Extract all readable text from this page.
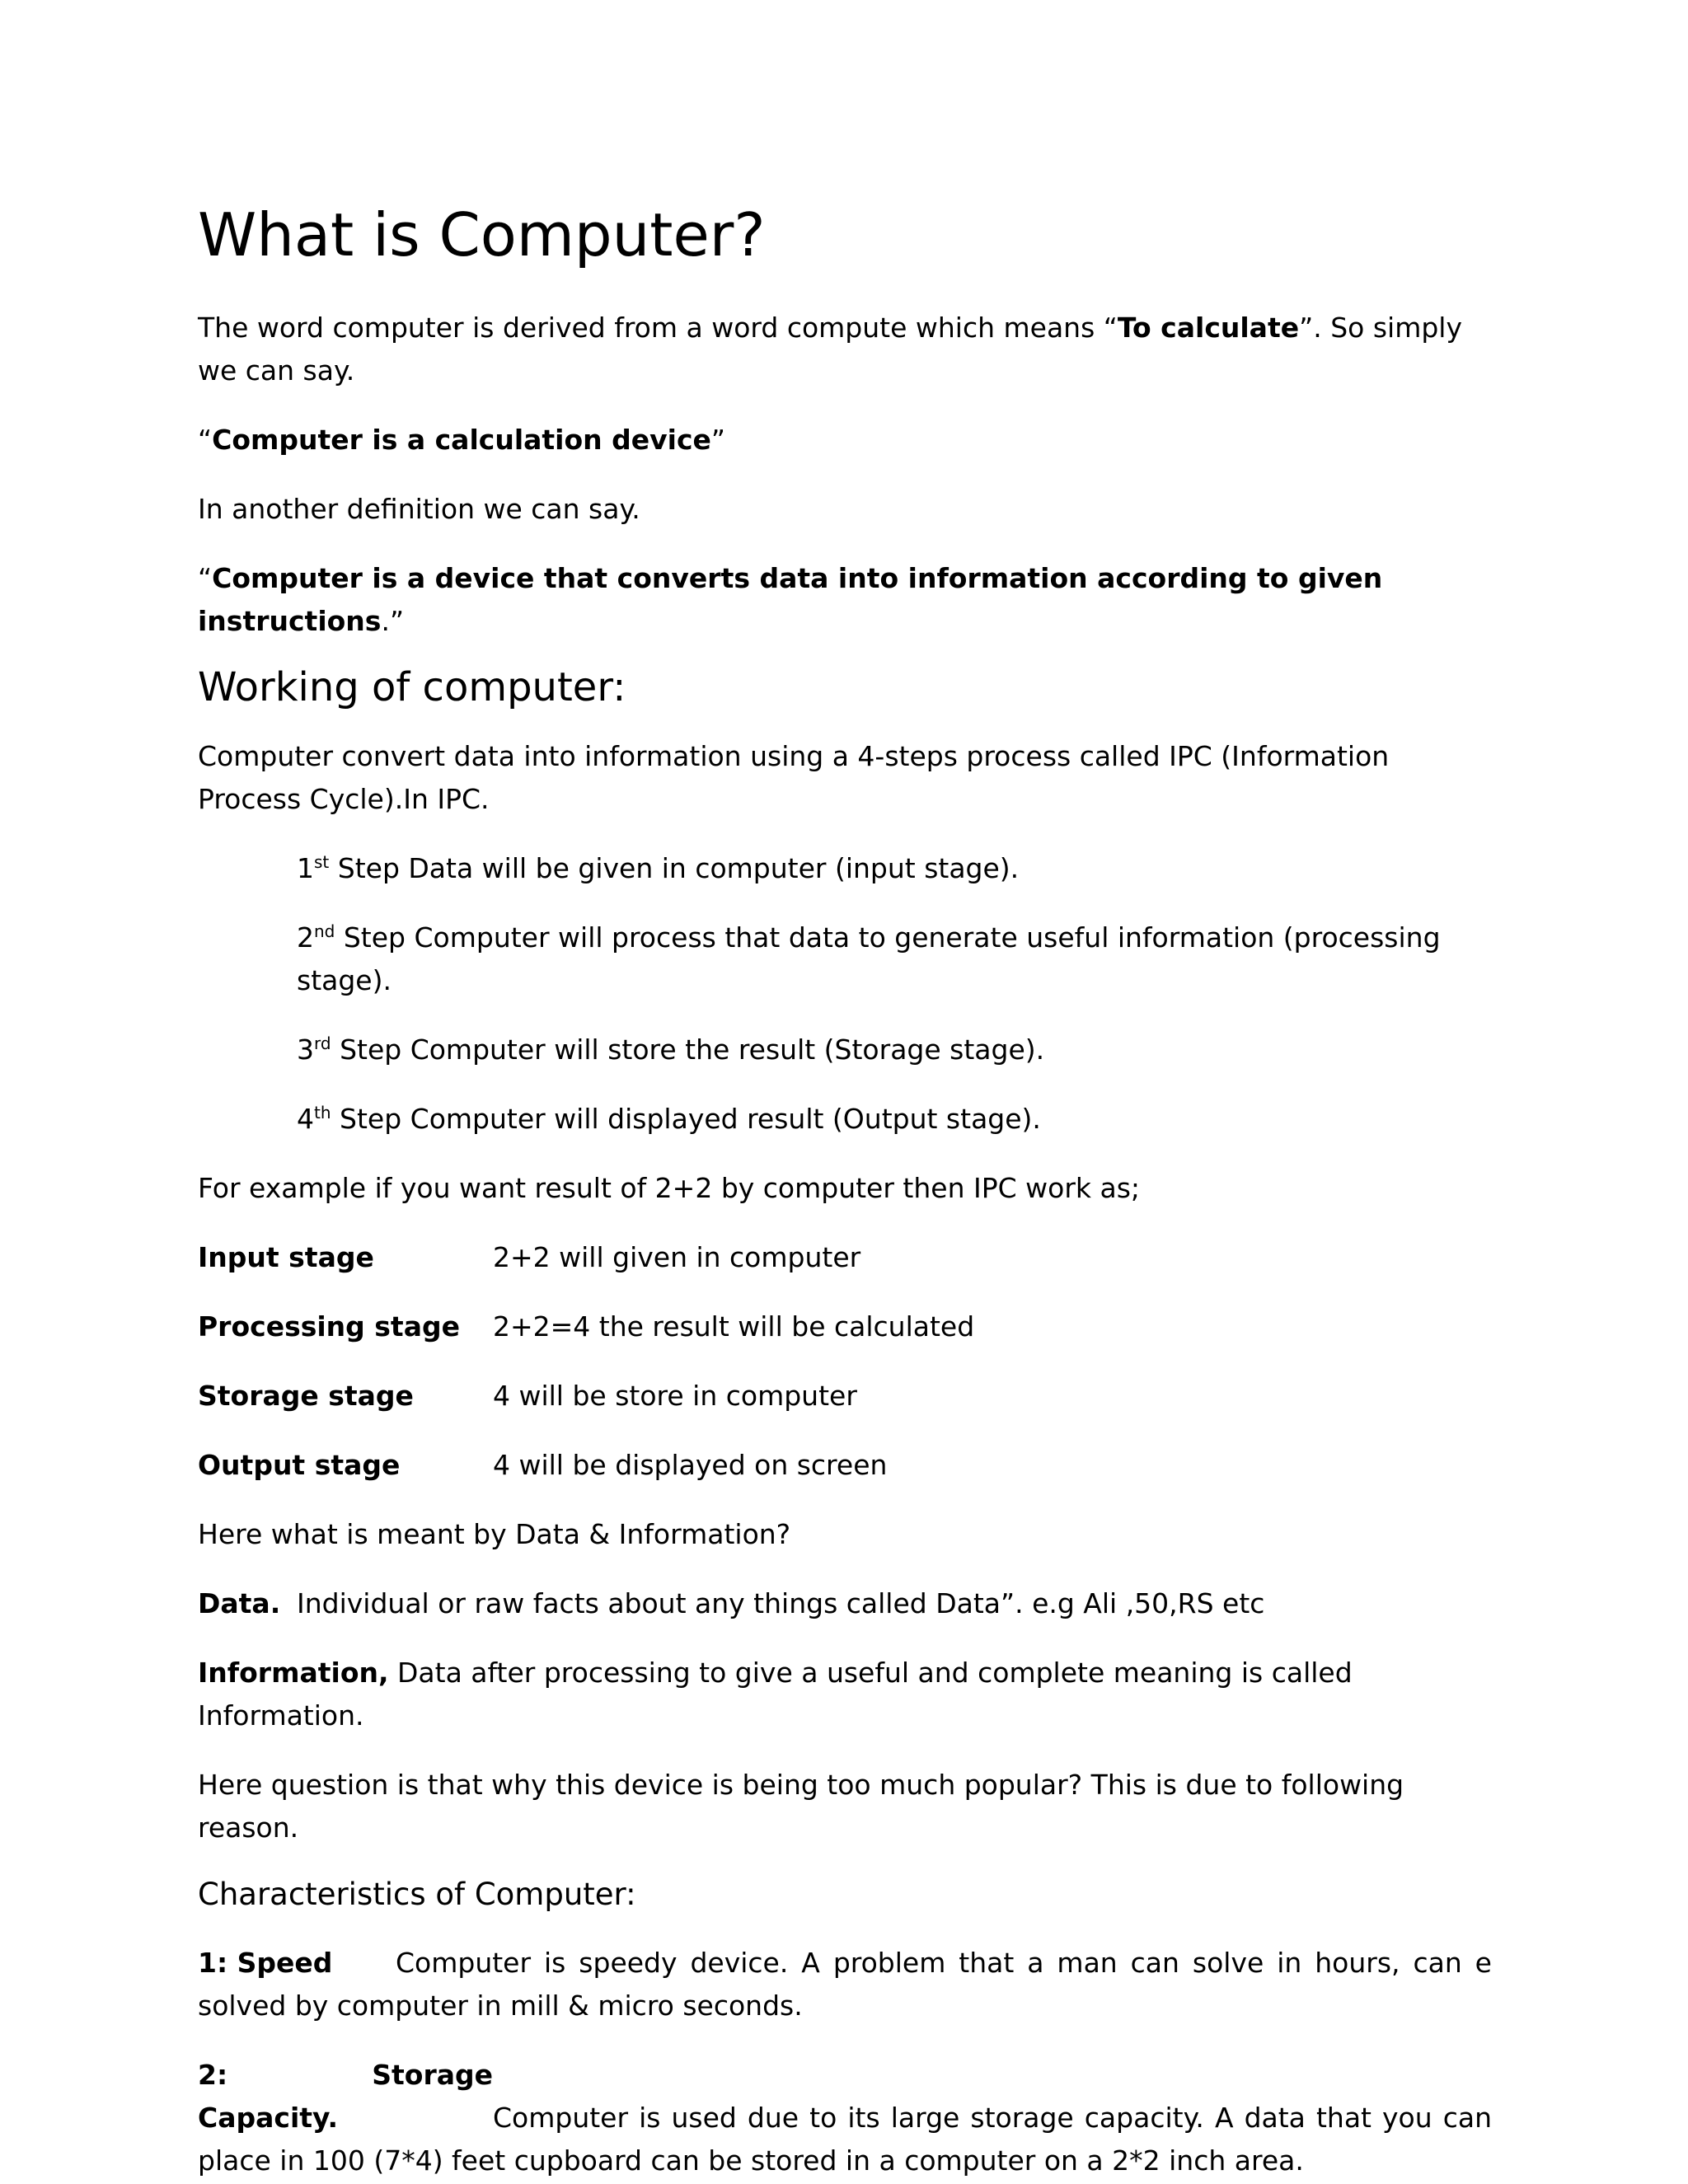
What is Computer?

The word computer is derived from a word compute which means “To calculate”. So simply we can say.

“Computer is a calculation device”

In another definition we can say.

“Computer is a device that converts data into information according to given instructions.”

Working of computer:

Computer convert data into information using a 4-steps process called IPC (Information Process Cycle).In IPC.

1st Step Data will be given in computer (input stage).

2nd Step Computer will process that data to generate useful information (processing stage).

3rd Step Computer will store the result (Storage stage).

4th Step Computer will displayed result (Output stage).

For example if you want result of 2+2 by computer then IPC work as;

Input stage	2+2 will given in computer
Processing stage	2+2=4 the result will be calculated
Storage stage	4 will be store in computer
Output stage	4 will be displayed on screen

Here what is meant by Data & Information?

Data. Individual or raw facts about any things called Data”. e.g Ali ,50,RS etc

Information, Data after processing to give a useful and complete meaning is called Information.

Here question is that why this device is being too much popular? This is due to following reason.

Characteristics of Computer:

1: Speed Computer is speedy device. A problem that a man can solve in hours, can e solved by computer in mill & micro seconds.

2: Storage Capacity.	Computer is used due to its large storage capacity. A data that you can place in 100 (7*4) feet cupboard can be stored in a computer on a 2*2 inch area.
